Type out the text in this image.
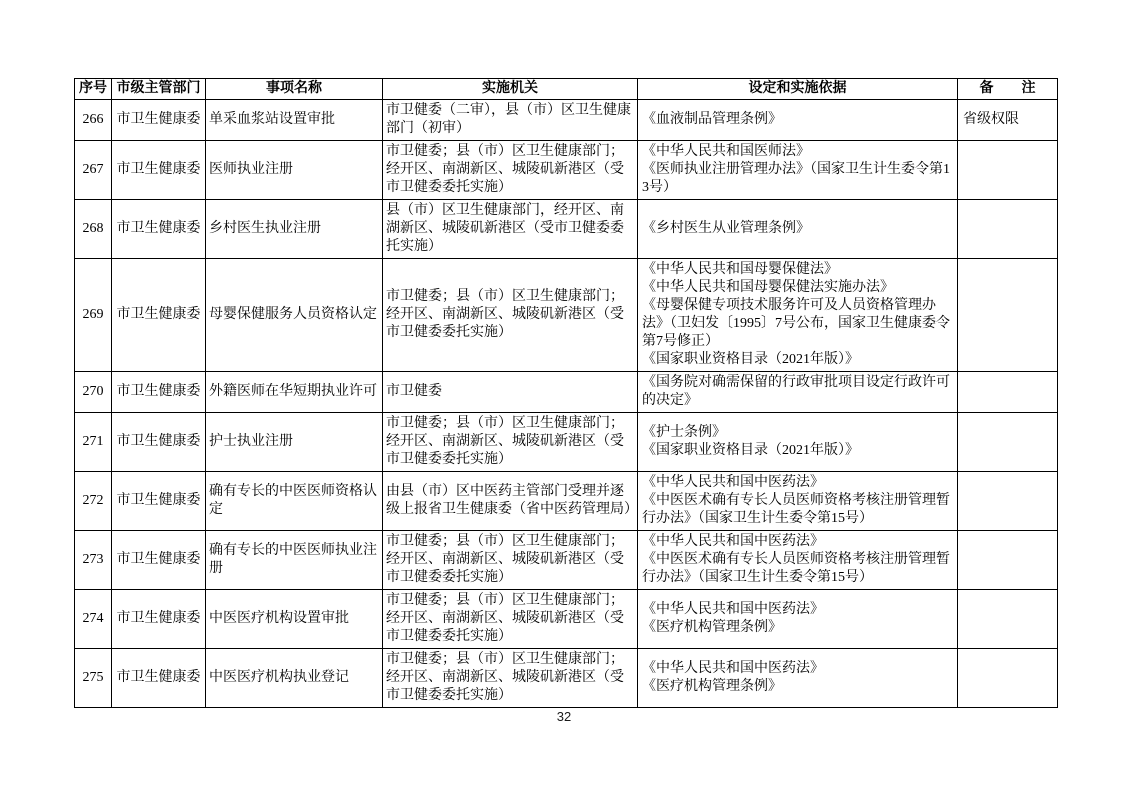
序号	市级主管部门	事项名称	实施机关	设定和实施依据	备　　注
266	市卫生健康委	单采血浆站设置审批	市卫健委（二审），县（市）区卫生健康部门（初审）	《血液制品管理条例》	省级权限
267	市卫生健康委	医师执业注册	市卫健委；县（市）区卫生健康部门；经开区、南湖新区、城陵矶新港区（受市卫健委委托实施）	《中华人民共和国医师法》
《医师执业注册管理办法》（国家卫生计生委令第13号）	

268	市卫生健康委	乡村医生执业注册	县（市）区卫生健康部门，经开区、南湖新区、城陵矶新港区（受市卫健委委托实施）	《乡村医生从业管理条例》	

269	市卫生健康委	母婴保健服务人员资格认定	市卫健委；县（市）区卫生健康部门；经开区、南湖新区、城陵矶新港区（受市卫健委委托实施）	《中华人民共和国母婴保健法》
《中华人民共和国母婴保健法实施办法》
《母婴保健专项技术服务许可及人员资格管理办法》（卫妇发〔1995〕7号公布，国家卫生健康委令第7号修正）
《国家职业资格目录（2021年版）》	

270	市卫生健康委	外籍医师在华短期执业许可	市卫健委	《国务院对确需保留的行政审批项目设定行政许可的决定》	

271	市卫生健康委	护士执业注册	市卫健委；县（市）区卫生健康部门；经开区、南湖新区、城陵矶新港区（受市卫健委委托实施）	《护士条例》
《国家职业资格目录（2021年版）》	

272	市卫生健康委	确有专长的中医医师资格认定	由县（市）区中医药主管部门受理并逐级上报省卫生健康委（省中医药管理局）	《中华人民共和国中医药法》
《中医医术确有专长人员医师资格考核注册管理暂行办法》（国家卫生计生委令第15号）	

273	市卫生健康委	确有专长的中医医师执业注册	市卫健委；县（市）区卫生健康部门；经开区、南湖新区、城陵矶新港区（受市卫健委委托实施）	《中华人民共和国中医药法》
《中医医术确有专长人员医师资格考核注册管理暂行办法》（国家卫生计生委令第15号）	

274	市卫生健康委	中医医疗机构设置审批	市卫健委；县（市）区卫生健康部门；经开区、南湖新区、城陵矶新港区（受市卫健委委托实施）	《中华人民共和国中医药法》
《医疗机构管理条例》	

275	市卫生健康委	中医医疗机构执业登记	市卫健委；县（市）区卫生健康部门；经开区、南湖新区、城陵矶新港区（受市卫健委委托实施）	《中华人民共和国中医药法》
《医疗机构管理条例》	

32
